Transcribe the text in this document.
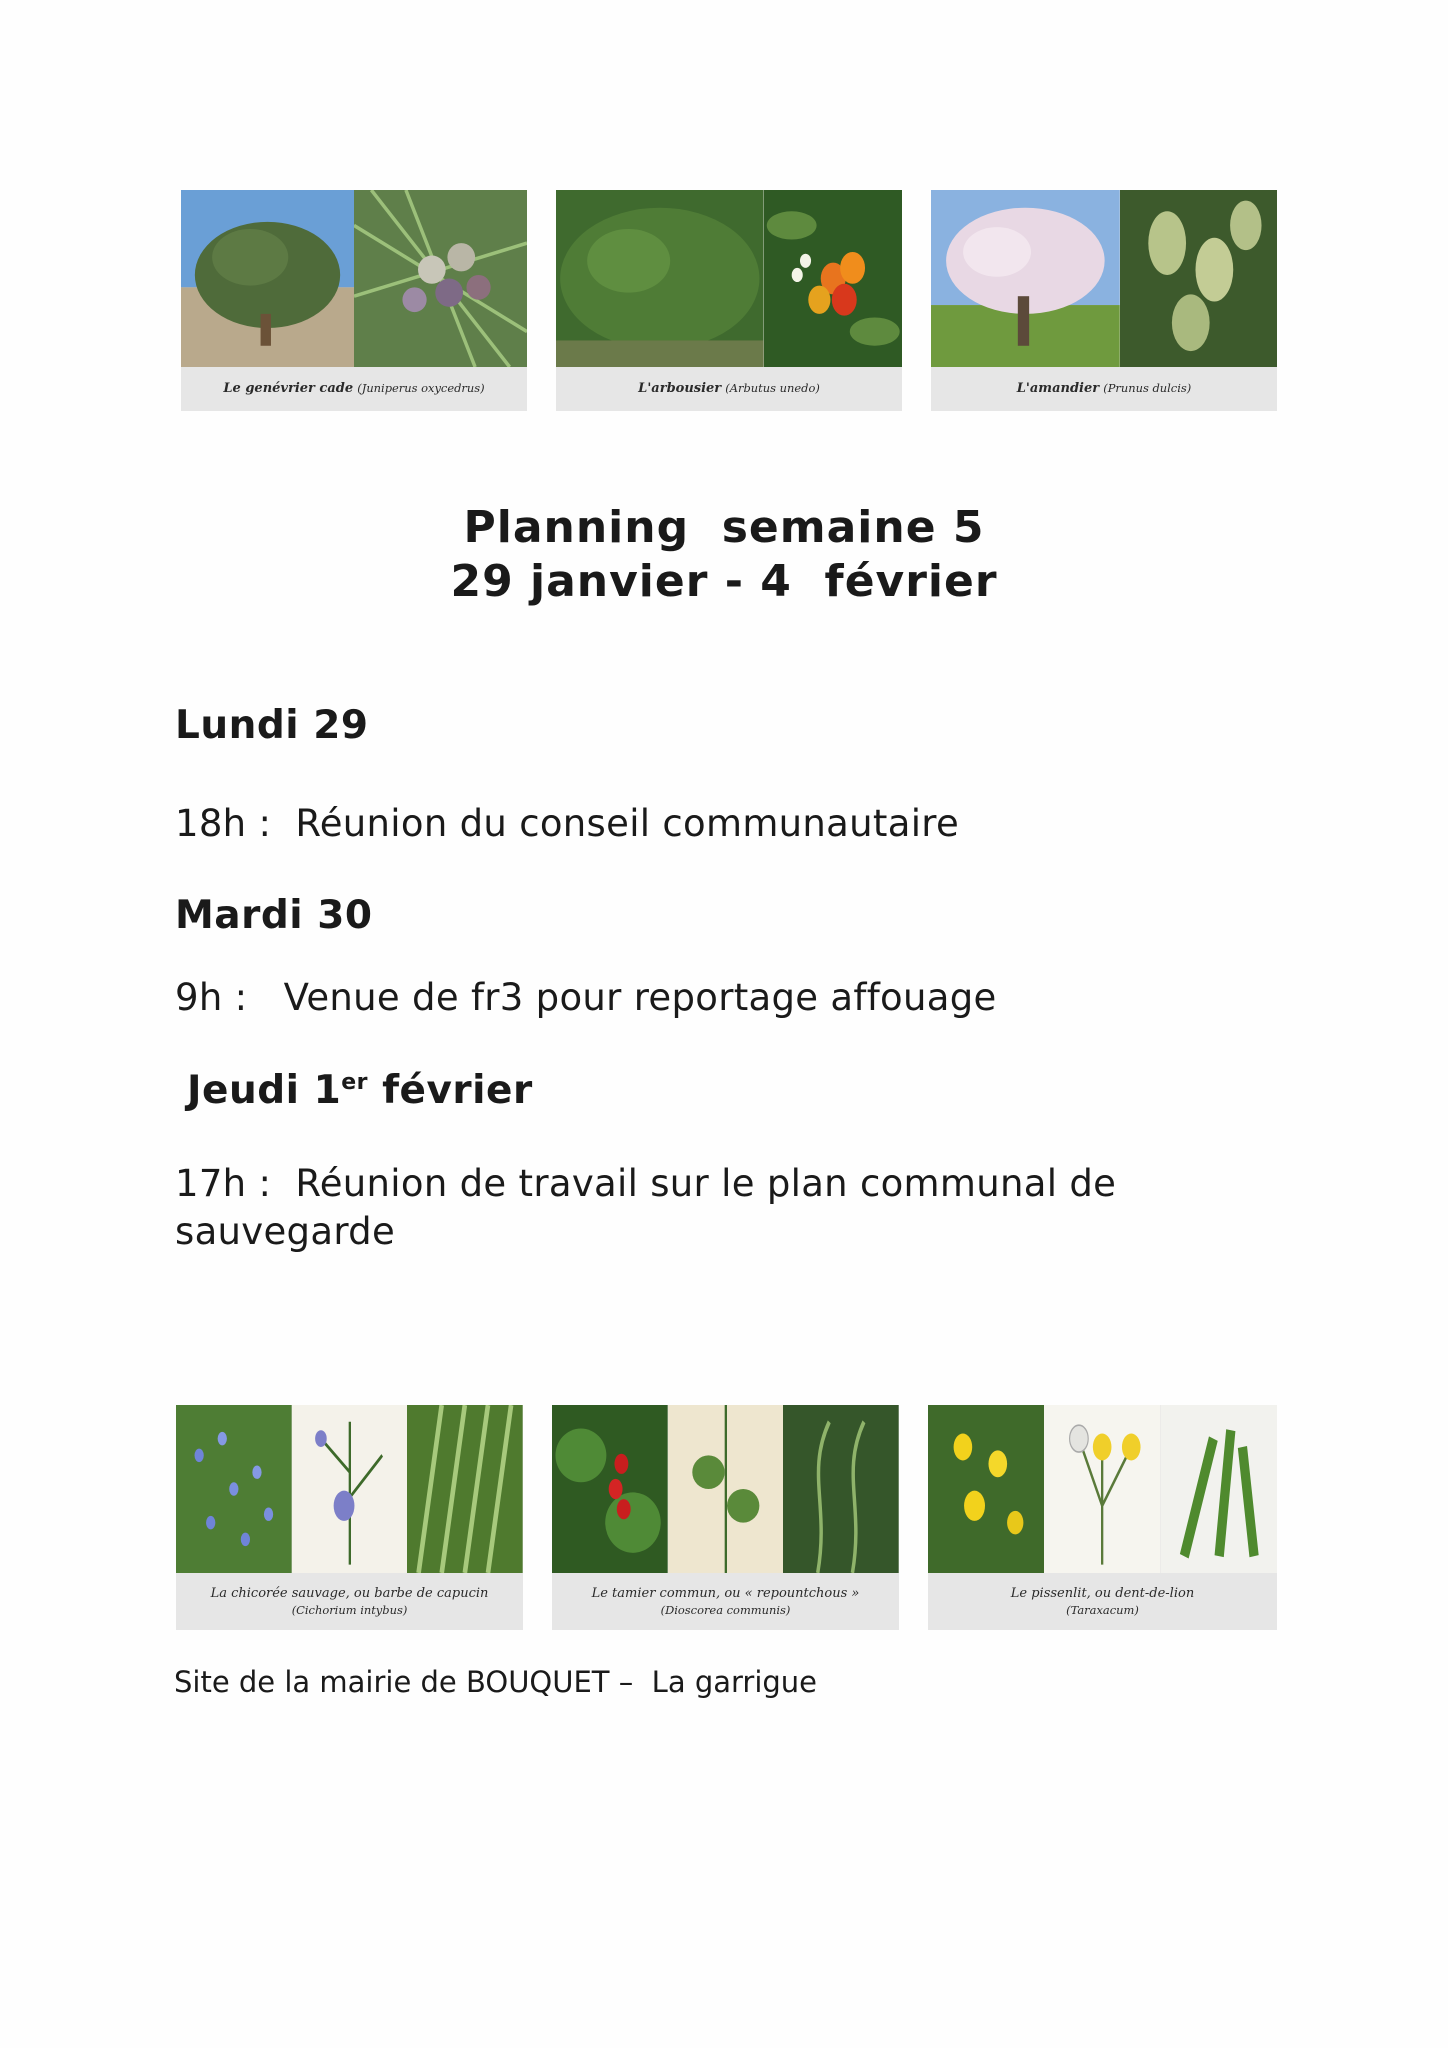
Le genévrier cade (Juniperus oxycedrus)	L'arbousier (Arbutus unedo)	L'amandier (Prunus dulcis)
Planning  semaine 5
29 janvier - 4  février
Lundi 29
18h : Réunion du conseil communautaire
Mardi 30
9h : Venue de fr3 pour reportage affouage
Jeudi 1er février
17h : Réunion de travail sur le plan communal de sauvegarde
La chicorée sauvage, ou barbe de capucin
(Cichorium intybus)
Le tamier commun, ou « repountchous »
(Dioscorea communis)
Le pissenlit, ou dent-de-lion
(Taraxacum)
Site de la mairie de BOUQUET –  La garrigue
